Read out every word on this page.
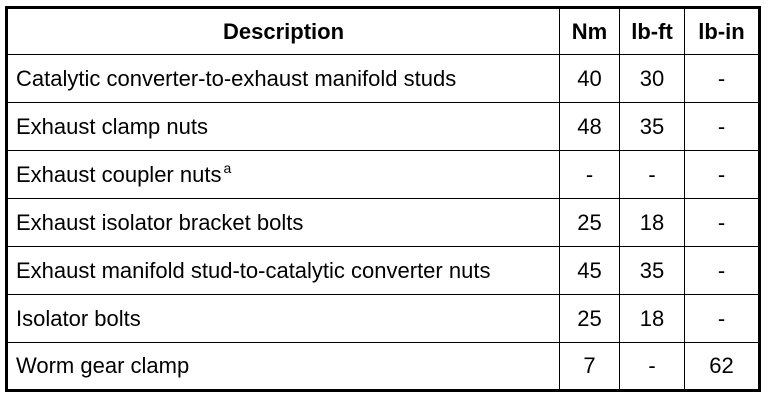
Description	Nm	lb-ft	lb-in
Catalytic converter-to-exhaust manifold studs	40	30	-
Exhaust clamp nuts	48	35	-
Exhaust coupler nuts $^a$	-	-	-
Exhaust isolator bracket bolts	25	18	-
Exhaust manifold stud-to-catalytic converter nuts	45	35	-
Isolator bolts	25	18	-
Worm gear clamp	7	-	62
